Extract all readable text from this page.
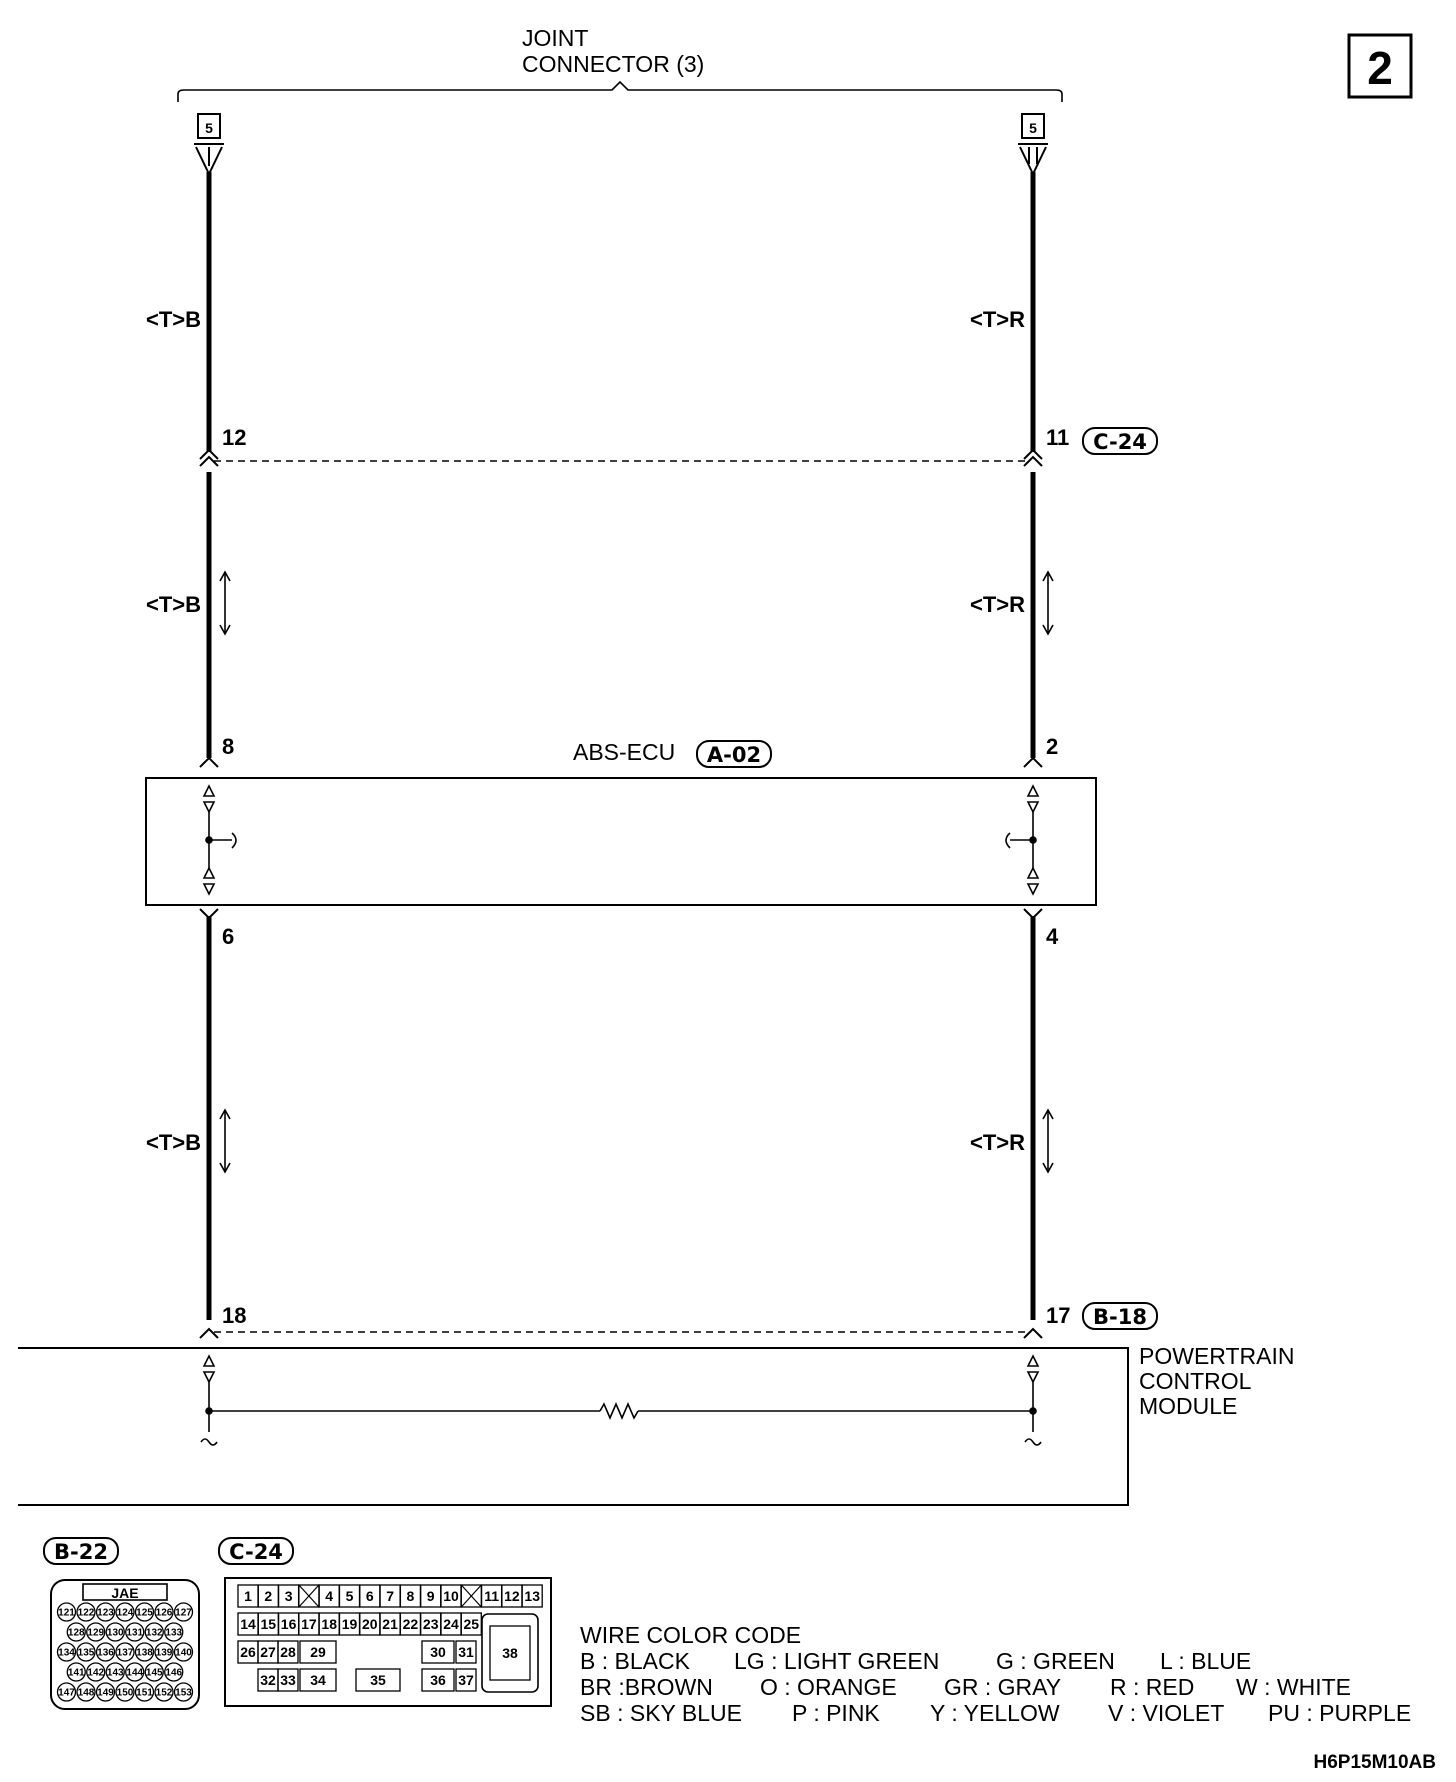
2
JOINT
CONNECTOR (3)
5	5
12	11 C-24
<T>B	<T>R
<T>B	<T>R
<T>B	<T>R
ABS-ECU A-02
8	2
6	4
18	17 B-18
POWERTRAIN
CONTROL
MODULE
B-22
JAE
121 122 123 124 125 126 127
128 129 130 131 132 133
134 135 136 137 138 139 140
141 142 143 144 145 146
147 148 149 150 151 152 153
C-24
1 2 3 4 5 6 7 8 9 10 11 12 13
14 15 16 17 18 19 20 21 22 23 24 25
26 27 28 29	30 31
32 33 34	35	36 37
38
WIRE COLOR CODE
B : BLACK LG : LIGHT GREEN G : GREEN L : BLUE
BR :BROWN O : ORANGE GR : GRAY R : RED W : WHITE
SB : SKY BLUE P : PINK Y : YELLOW V : VIOLET PU : PURPLE
H6P15M10AB
